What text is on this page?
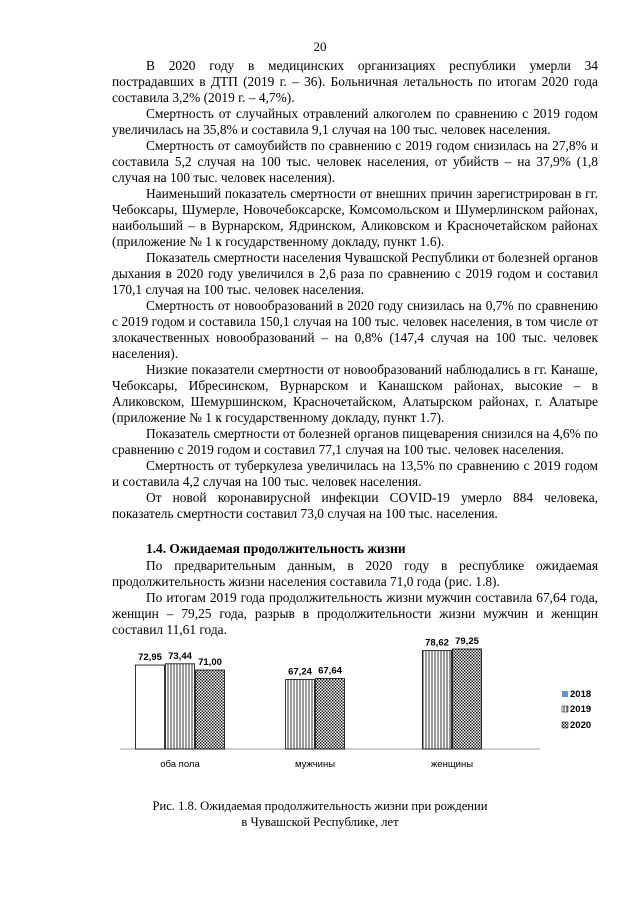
20

В 2020 году в медицинских организациях республики умерли 34 пострадавших в ДТП (2019 г. – 36). Больничная летальность по итогам 2020 года составила 3,2% (2019 г. – 4,7%).

Смертность от случайных отравлений алкоголем по сравнению с 2019 годом увеличилась на 35,8% и составила 9,1 случая на 100 тыс. человек населения.

Смертность от самоубийств по сравнению с 2019 годом снизилась на 27,8% и составила 5,2 случая на 100 тыс. человек населения, от убийств – на 37,9% (1,8 случая на 100 тыс. человек населения).

Наименьший показатель смертности от внешних причин зарегистрирован в гг. Чебоксары, Шумерле, Новочебоксарске, Комсомольском и Шумерлинском районах, наибольший – в Вурнарском, Ядринском, Аликовском и Красночетайском районах (приложение № 1 к государственному докладу, пункт 1.6).

Показатель смертности населения Чувашской Республики от болезней органов дыхания в 2020 году увеличился в 2,6 раза по сравнению с 2019 годом и составил 170,1 случая на 100 тыс. человек населения.

Смертность от новообразований в 2020 году снизилась на 0,7% по сравнению с 2019 годом и составила 150,1 случая на 100 тыс. человек населения, в том числе от злокачественных новообразований – на 0,8% (147,4 случая на 100 тыс. человек населения).

Низкие показатели смертности от новообразований наблюдались в гг. Канаше, Чебоксары, Ибресинском, Вурнарском и Канашском районах, высокие – в Аликовском, Шемуршинском, Красночетайском, Алатырском районах, г. Алатыре (приложение № 1 к государственному докладу, пункт 1.7).

Показатель смертности от болезней органов пищеварения снизился на 4,6% по сравнению с 2019 годом и составил 77,1 случая на 100 тыс. человек населения.

Смертность от туберкулеза увеличилась на 13,5% по сравнению с 2019 годом и составила 4,2 случая на 100 тыс. человек населения.

От новой коронавирусной инфекции COVID-19 умерло 884 человека, показатель смертности составил 73,0 случая на 100 тыс. населения.

1.4. Ожидаемая продолжительность жизни

По предварительным данным, в 2020 году в республике ожидаемая продолжительность жизни населения составила 71,0 года (рис. 1.8).

По итогам 2019 года продолжительность жизни мужчин составила 67,64 года, женщин – 79,25 года, разрыв в продолжительности жизни мужчин и женщин составил 11,61 года.

72,95 73,44
71,00
оба пола
67,24 67,64
мужчины
78,62 79,25
женщины
2018
2019
2020
Рис. 1.8. Ожидаемая продолжительность жизни при рождении
в Чувашской Республике, лет
